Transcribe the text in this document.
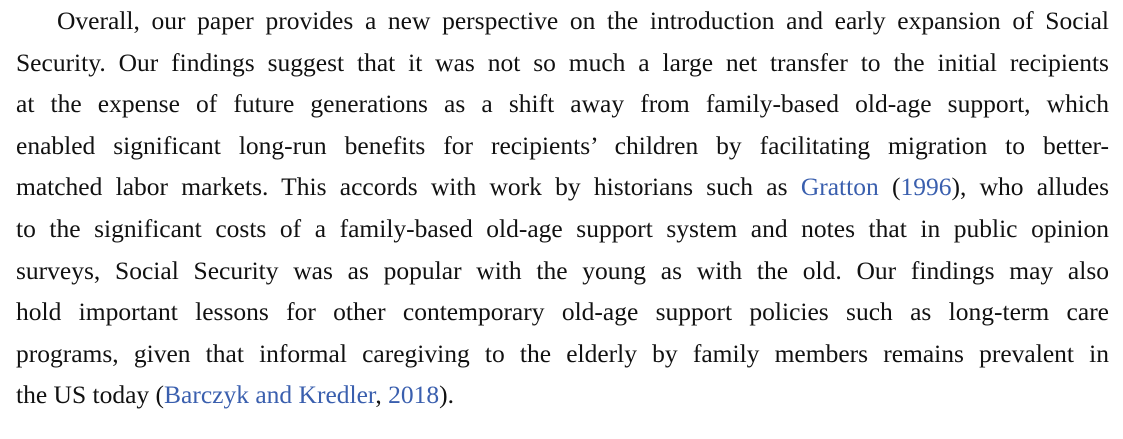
Overall, our paper provides a new perspective on the introduction and early expansion of Social
Security. Our findings suggest that it was not so much a large net transfer to the initial recipients
at the expense of future generations as a shift away from family-based old-age support, which
enabled significant long-run benefits for recipients’ children by facilitating migration to better-
matched labor markets. This accords with work by historians such as Gratton (1996), who alludes
to the significant costs of a family-based old-age support system and notes that in public opinion
surveys, Social Security was as popular with the young as with the old. Our findings may also
hold important lessons for other contemporary old-age support policies such as long-term care
programs, given that informal caregiving to the elderly by family members remains prevalent in
the US today (Barczyk and Kredler, 2018).
